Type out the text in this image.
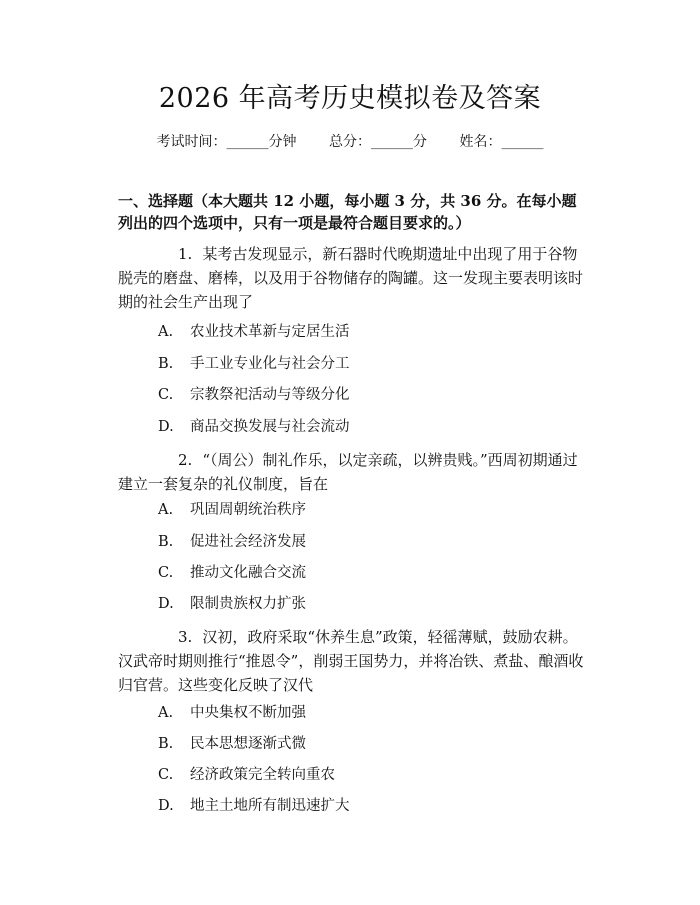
2026 年高考历史模拟卷及答案
考试时间：______分钟 总分：______分 姓名：______
一、选择题（本大题共 12 小题，每小题 3 分，共 36 分。在每小题列出的四个选项中，只有一项是最符合题目要求的。）
1. 某考古发现显示，新石器时代晚期遗址中出现了用于谷物脱壳的磨盘、磨棒，以及用于谷物储存的陶罐。这一发现主要表明该时期的社会生产出现了
A. 农业技术革新与定居生活
B. 手工业专业化与社会分工
C. 宗教祭祀活动与等级分化
D. 商品交换发展与社会流动
2. “（周公）制礼作乐，以定亲疏，以辨贵贱。”西周初期通过建立一套复杂的礼仪制度，旨在
A. 巩固周朝统治秩序
B. 促进社会经济发展
C. 推动文化融合交流
D. 限制贵族权力扩张
3. 汉初，政府采取“休养生息”政策，轻徭薄赋，鼓励农耕。汉武帝时期则推行“推恩令”，削弱王国势力，并将冶铁、煮盐、酿酒收归官营。这些变化反映了汉代
A. 中央集权不断加强
B. 民本思想逐渐式微
C. 经济政策完全转向重农
D. 地主土地所有制迅速扩大
